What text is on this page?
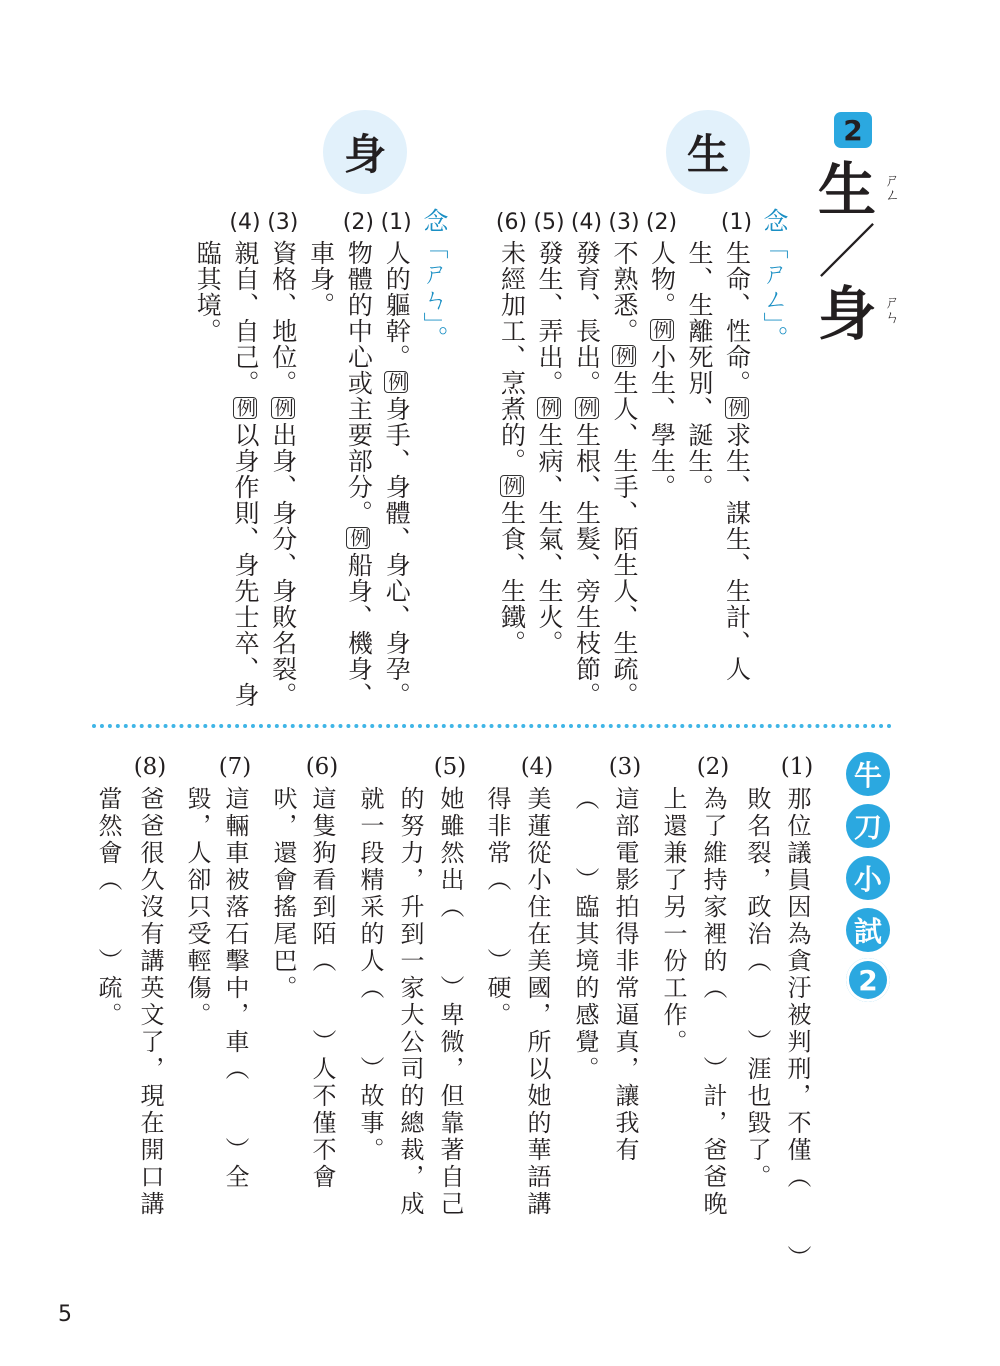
2
生 ㄕㄥ
／
身 ㄕㄣ
生
身
念「ㄕㄥ」。
(1)
生命、性命。例求生、謀生、生計、人
生、生離死別、誕生。
(2)
人物。例小生、學生。
(3)
不熟悉。例生人、生手、陌生人、生疏。
(4)
發育、長出。例生根、生髮、旁生枝節。
(5)
發生、弄出。例生病、生氣、生火。
(6)
未經加工、烹煮的。例生食、生鐵。
念「ㄕㄣ」。
(1)
人的軀幹。例身手、身體、身心、身孕。
(2)
物體的中心或主要部分。例船身、機身、
車身。
(3)
資格、地位。例出身、身分、身敗名裂。
(4)
親自、自己。例以身作則、身先士卒、身
臨其境。
牛
刀
小
試
2
(1)
那位議員因為貪汙被判刑，不僅（　　）
敗名裂，政治（　　）涯也毀了。
(2)
為了維持家裡的（　　）計，爸爸晚
上還兼了另一份工作。
(3)
這部電影拍得非常逼真，讓我有
（　　）臨其境的感覺。
(4)
美蓮從小住在美國，所以她的華語講
得非常（　　）硬。
(5)
她雖然出（　　）卑微，但靠著自己
的努力，升到一家大公司的總裁，成
就一段精采的人（　　）故事。
(6)
這隻狗看到陌（　　）人不僅不會
吠，還會搖尾巴。
(7)
這輛車被落石擊中，車（　　）全
毀，人卻只受輕傷。
(8)
爸爸很久沒有講英文了，現在開口講
當然會（　　）疏。
5
